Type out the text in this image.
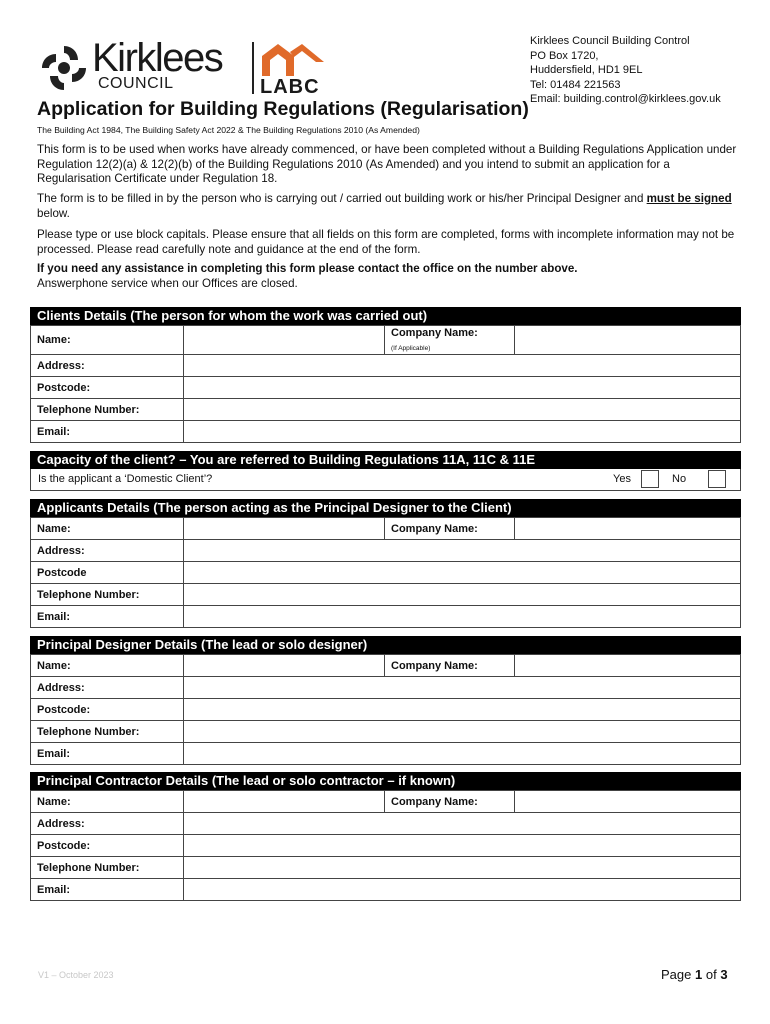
Kirklees
COUNCIL	LABC
Kirklees Council Building Control
PO Box 1720,
Huddersfield, HD1 9EL
Tel: 01484 221563
Email: building.control@kirklees.gov.uk
Application for Building Regulations (Regularisation)
The Building Act 1984, The Building Safety Act 2022 & The Building Regulations 2010 (As Amended)
This form is to be used when works have already commenced, or have been completed without a Building Regulations Application under Regulation 12(2)(a) & 12(2)(b) of the Building Regulations 2010 (As Amended) and you intend to submit an application for a Regularisation Certificate under Regulation 18.
The form is to be filled in by the person who is carrying out / carried out building work or his/her Principal Designer and must be signed below.
Please type or use block capitals. Please ensure that all fields on this form are completed, forms with incomplete information may not be processed. Please read carefully note and guidance at the end of the form.
If you need any assistance in completing this form please contact the office on the number above.
Answerphone service when our Offices are closed.
Clients Details (The person for whom the work was carried out)
Name:		Company Name:
(If Applicable)	

Address:			
Postcode:			
Telephone Number:			
Email:			
Capacity of the client? – You are referred to Building Regulations 11A, 11C & 11E
Is the applicant a ‘Domestic Client’?	Yes	No
Applicants Details (The person acting as the Principal Designer to the Client)
Name:		Company Name:	
Address:			
Postcode			
Telephone Number:			
Email:			
Principal Designer Details (The lead or solo designer)
Name:		Company Name:	
Address:			
Postcode:			
Telephone Number:			
Email:			
Principal Contractor Details (The lead or solo contractor – if known)
Name:		Company Name:	
Address:			
Postcode:			
Telephone Number:			
Email:			
V1 – October 2023	Page 1 of 3
